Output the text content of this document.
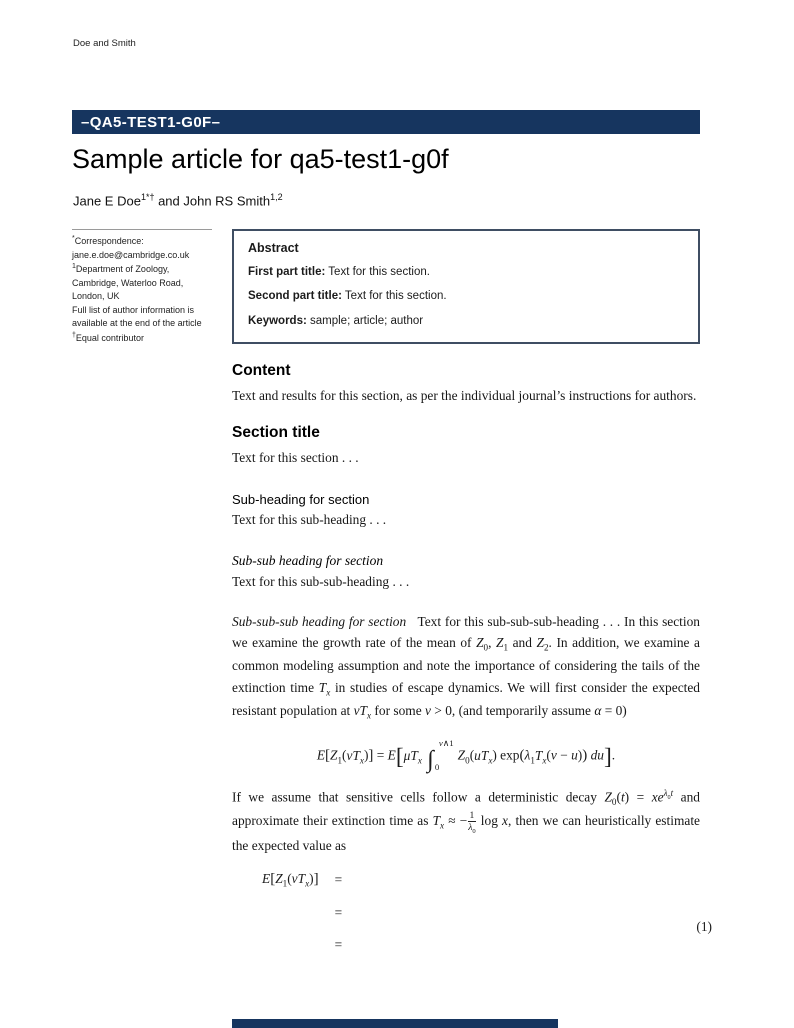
Doe and Smith
–QA5-TEST1-G0F–
Sample article for qa5-test1-g0f
Jane E Doe$^{1*\dagger}$ and John RS Smith$^{1,2}$
*Correspondence:
jane.e.doe@cambridge.co.uk
$^1$Department of Zoology,
Cambridge, Waterloo Road,
London, UK
Full list of author information is
available at the end of the article
†Equal contributor
Abstract
First part title: Text for this section.
Second part title: Text for this section.
Keywords: sample; article; author
Content
Text and results for this section, as per the individual journal’s instructions for authors.
Section title
Text for this section . . .
Sub-heading for section
Text for this sub-heading . . .
Sub-sub heading for section
Text for this sub-sub-heading . . .
Sub-sub-sub heading for section   Text for this sub-sub-sub-heading . . . In this section we examine the growth rate of the mean of $Z_0$, $Z_1$ and $Z_2$. In addition, we examine a common modeling assumption and note the importance of considering the tails of the extinction time $T_x$ in studies of escape dynamics. We will first consider the expected resistant population at $vT_x$ for some v > 0, (and temporarily assume α = 0)
$E[Z_1(vT_x)] = E[\mu T_x$ ∫
v∧1
0
$Z_0(uT_x) \exp(\lambda_1T_x(v - u))$ du].
If we assume that sensitive cells follow a deterministic decay $Z_0(t) = xe^{\lambda_0t}$ and approximate their extinction time as $T_x$ ≈ − $\frac{1}{\lambda_0}$ log x, then we can heuristically estimate the expected value as
$E[Z_1(vT_x)]$ =
=
=
(1)
